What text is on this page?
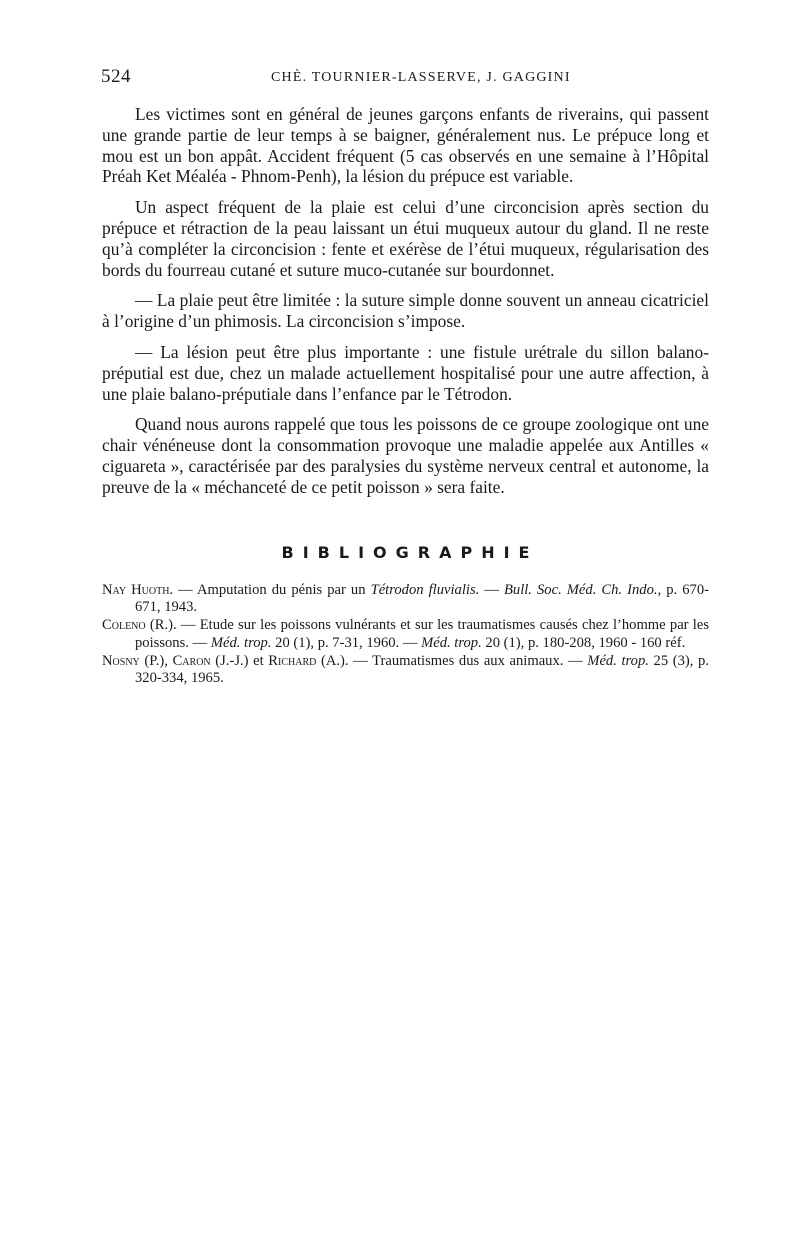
524	CHÈ. TOURNIER-LASSERVE, J. GAGGINI

Les victimes sont en général de jeunes garçons enfants de riverains, qui passent une grande partie de leur temps à se baigner, généralement nus. Le prépuce long et mou est un bon appât. Accident fréquent (5 cas observés en une semaine à l’Hôpital Préah Ket Méaléa - Phnom-Penh), la lésion du prépuce est variable.

Un aspect fréquent de la plaie est celui d’une circoncision après section du prépuce et rétraction de la peau laissant un étui muqueux autour du gland. Il ne reste qu’à compléter la circoncision : fente et exérèse de l’étui muqueux, régularisation des bords du fourreau cutané et suture muco-cutanée sur bourdonnet.

— La plaie peut être limitée : la suture simple donne souvent un anneau cicatriciel à l’origine d’un phimosis. La circoncision s’impose.

— La lésion peut être plus importante : une fistule urétrale du sillon balano-préputial est due, chez un malade actuellement hospitalisé pour une autre affection, à une plaie balano-préputiale dans l’enfance par le Tétrodon.

Quand nous aurons rappelé que tous les poissons de ce groupe zoologique ont une chair vénéneuse dont la consommation provoque une maladie appelée aux Antilles « ciguareta », caractérisée par des paralysies du système nerveux central et autonome, la preuve de la « méchanceté de ce petit poisson » sera faite.

BIBLIOGRAPHIE
Nay Huoth. — Amputation du pénis par un Tétrodon fluvialis. — Bull. Soc. Méd. Ch. Indo., p. 670-671, 1943.
Coleno (R.). — Etude sur les poissons vulnérants et sur les traumatismes causés chez l’homme par les poissons. — Méd. trop. 20 (1), p. 7-31, 1960. — Méd. trop. 20 (1), p. 180-208, 1960 - 160 réf.
Nosny (P.), Caron (J.-J.) et Richard (A.). — Traumatismes dus aux animaux. — Méd. trop. 25 (3), p. 320-334, 1965.
